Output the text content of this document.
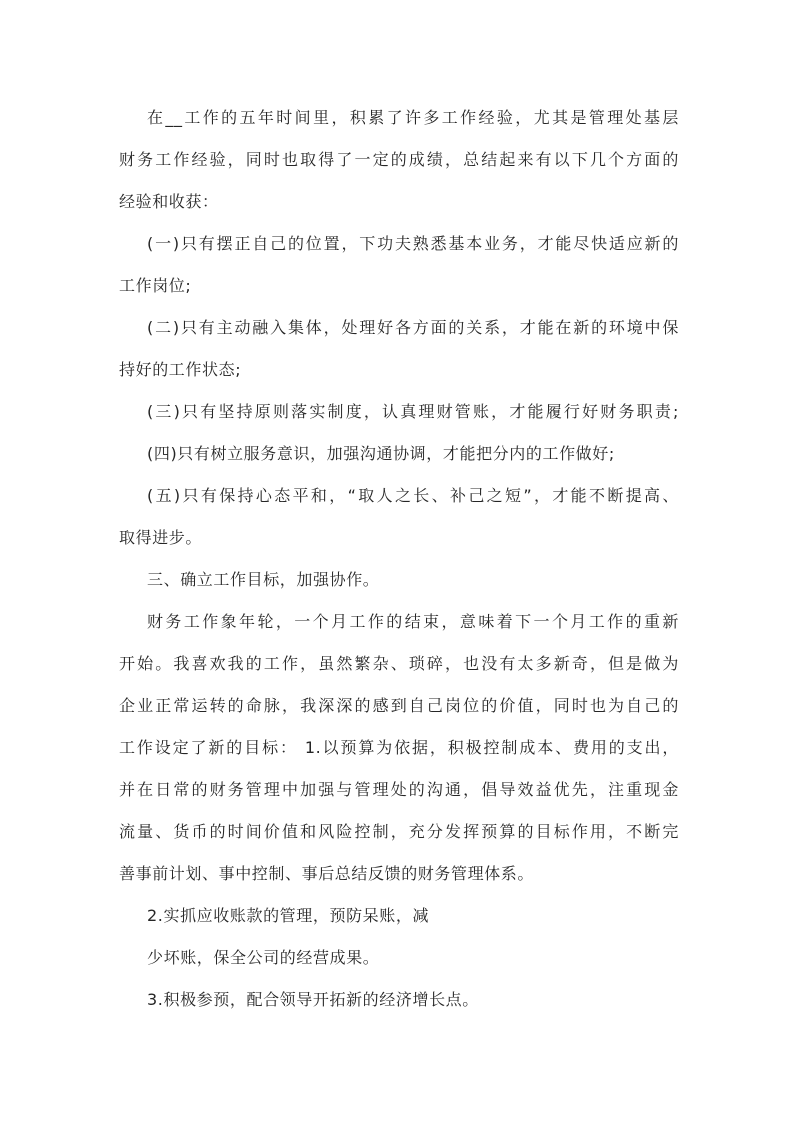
在__工作的五年时间里，积累了许多工作经验，尤其是管理处基层
财务工作经验，同时也取得了一定的成绩，总结起来有以下几个方面的
经验和收获：
(一)只有摆正自己的位置，下功夫熟悉基本业务，才能尽快适应新的
工作岗位;
(二)只有主动融入集体，处理好各方面的关系，才能在新的环境中保
持好的工作状态;
(三)只有坚持原则落实制度，认真理财管账，才能履行好财务职责;
(四)只有树立服务意识，加强沟通协调，才能把分内的工作做好;
(五)只有保持心态平和，“取人之长、补己之短”，才能不断提高、
取得进步。
三、确立工作目标，加强协作。
财务工作象年轮，一个月工作的结束，意味着下一个月工作的重新
开始。我喜欢我的工作，虽然繁杂、琐碎，也没有太多新奇，但是做为
企业正常运转的命脉，我深深的感到自己岗位的价值，同时也为自己的
工作设定了新的目标： 1.以预算为依据，积极控制成本、费用的支出，
并在日常的财务管理中加强与管理处的沟通，倡导效益优先，注重现金
流量、货币的时间价值和风险控制，充分发挥预算的目标作用，不断完
善事前计划、事中控制、事后总结反馈的财务管理体系。
2.实抓应收账款的管理，预防呆账，减
少坏账，保全公司的经营成果。
3.积极参预，配合领导开拓新的经济增长点。
